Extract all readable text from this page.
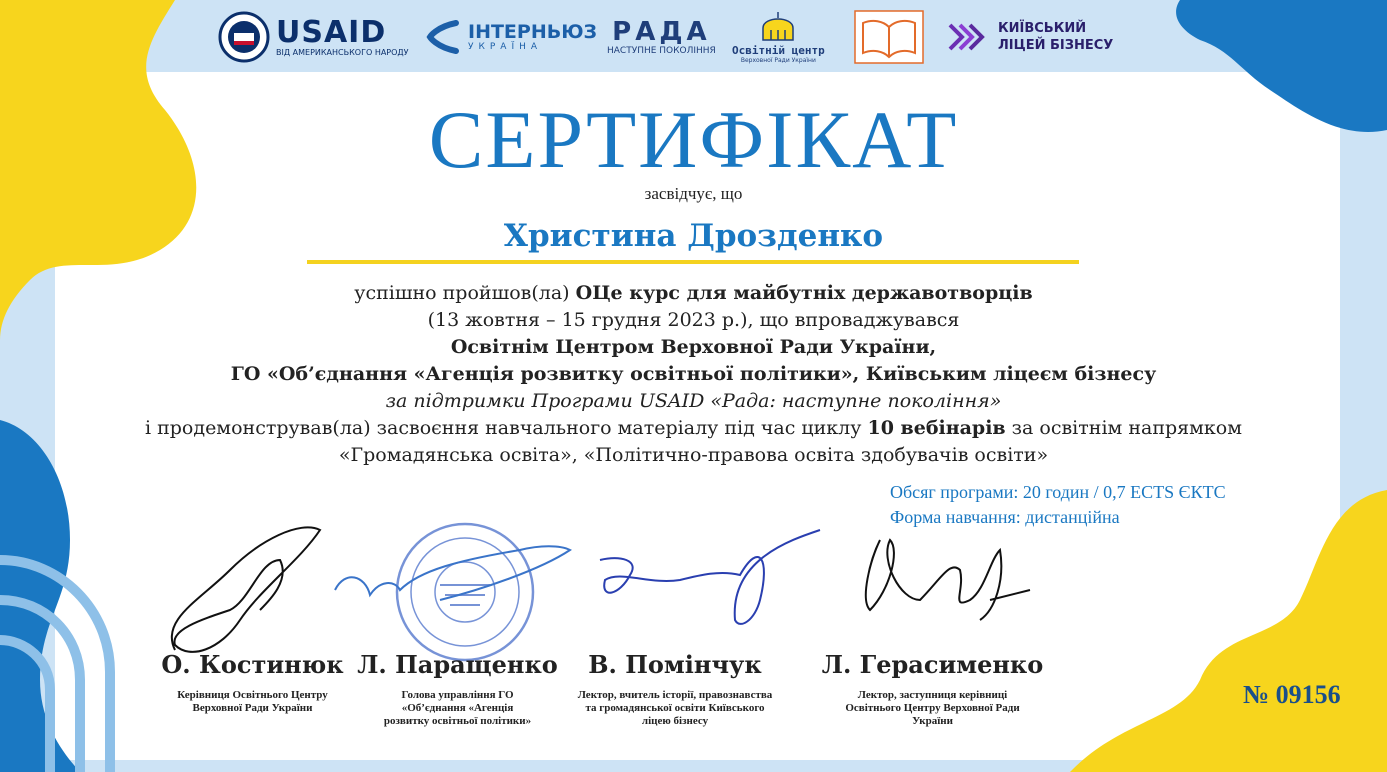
USAID
ВІД АМЕРИКАНСЬКОГО НАРОДУ
ІНТЕРНЬЮЗ
УКРАЇНА	РАДА
НАСТУПНЕ ПОКОЛІННЯ Освітній центр
Верховної Ради України
КИЇВСЬКИЙ
ЛІЦЕЙ БІЗНЕСУ
СЕРТИФІКАТ
засвідчує, що
Христина Дрозденко
успішно пройшов(ла) ОЦе курс для майбутніх державотворців
(13 жовтня – 15 грудня 2023 р.), що впроваджувався
Освітнім Центром Верховної Ради України,
ГО «Об’єднання «Агенція розвитку освітньої політики», Київським ліцеєм бізнесу
за підтримки Програми USAID «Рада: наступне покоління»
і продемонстрував(ла) засвоєння навчального матеріалу під час циклу 10 вебінарів за освітнім напрямком
«Громадянська освіта», «Політично-правова освіта здобувачів освіти»
Обсяг програми: 20 годин / 0,7 ECTS ЄКТС
Форма навчання: дистанційна
О. Костинюк
Керівниця Освітнього Центру
Верховної Ради України
Л. Паращенко
Голова управління ГО
«Об’єднання «Агенція
розвитку освітньої політики»
В. Помінчук
Лектор, вчитель історії, правознавства
та громадянської освіти Київського
ліцею бізнесу
Л. Герасименко
Лектор, заступниця керівниці
Освітнього Центру Верховної Ради
України
№ 09156
